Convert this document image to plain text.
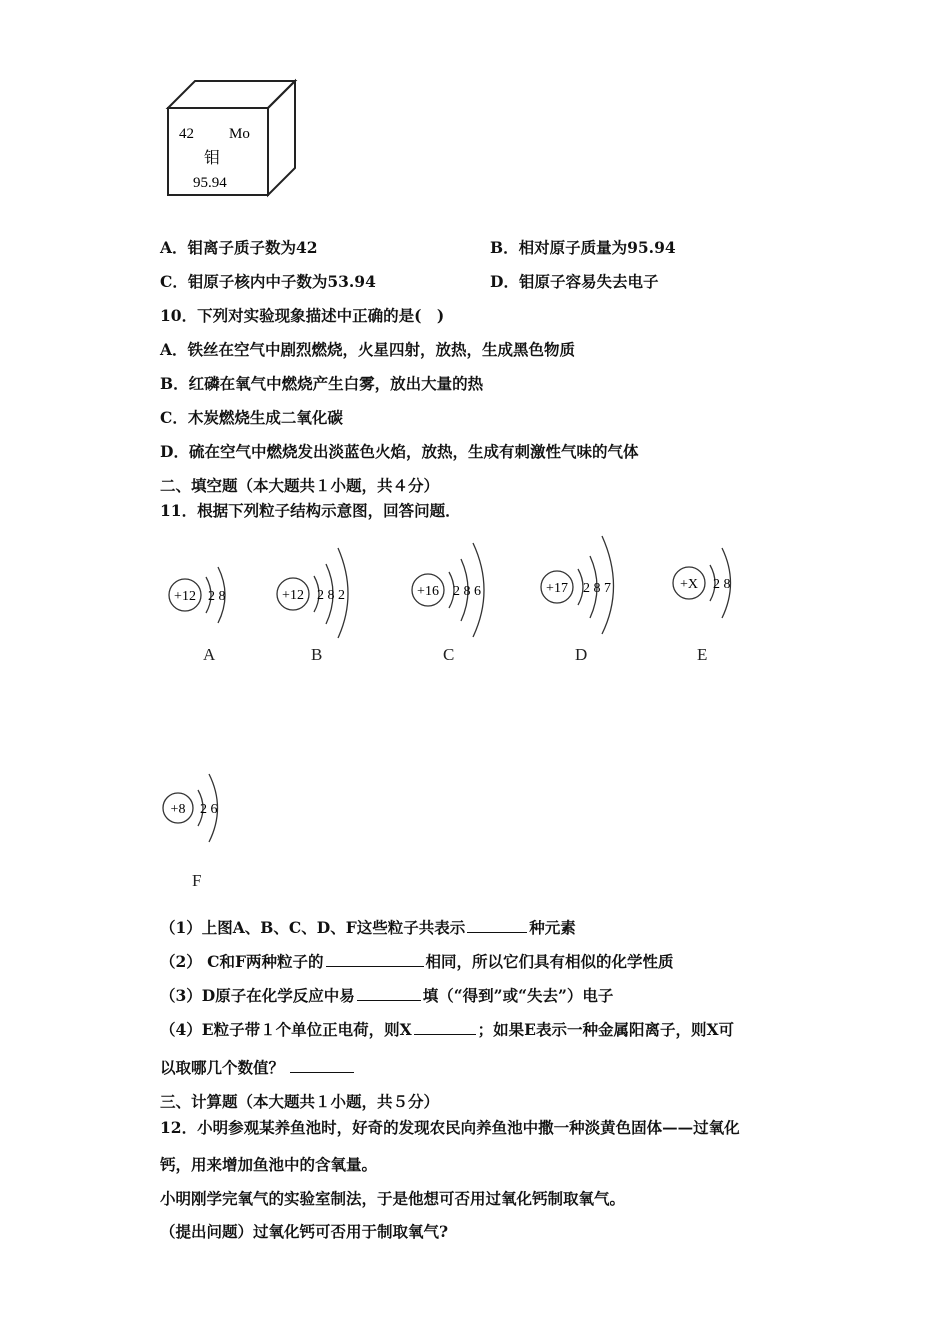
42 Mo
钼
95.94
A．钼离子质子数为42	B．相对原子质量为95.94
C．钼原子核内中子数为53.94	D．钼原子容易失去电子
10．下列对实验现象描述中正确的是(　)
A．铁丝在空气中剧烈燃烧，火星四射，放热，生成黑色物质
B．红磷在氧气中燃烧产生白雾，放出大量的热
C．木炭燃烧生成二氧化碳
D．硫在空气中燃烧发出淡蓝色火焰，放热，生成有刺激性气味的气体
二、填空题（本大题共１小题，共４分）
11．根据下列粒子结构示意图，回答问题．
+12 2 8
A
+12 2 8 2
B
+16 2 8 6
C
+17 2 8 7
D
+X 2 8
E
+8 2 6
F
（1）上图A、B、C、D、F这些粒子共表示	种元素
（2） C和F两种粒子的	相同，所以它们具有相似的化学性质
（3）D原子在化学反应中易	填（“得到”或“失去”）电子
（4）E粒子带１个单位正电荷，则X	；如果E表示一种金属阳离子，则X可
以取哪几个数值？
三、计算题（本大题共１小题，共５分）
12．小明参观某养鱼池时，好奇的发现农民向养鱼池中撒一种淡黄色固体——过氧化
钙，用来增加鱼池中的含氧量。
小明刚学完氧气的实验室制法，于是他想可否用过氧化钙制取氧气。
（提出问题）过氧化钙可否用于制取氧气?
